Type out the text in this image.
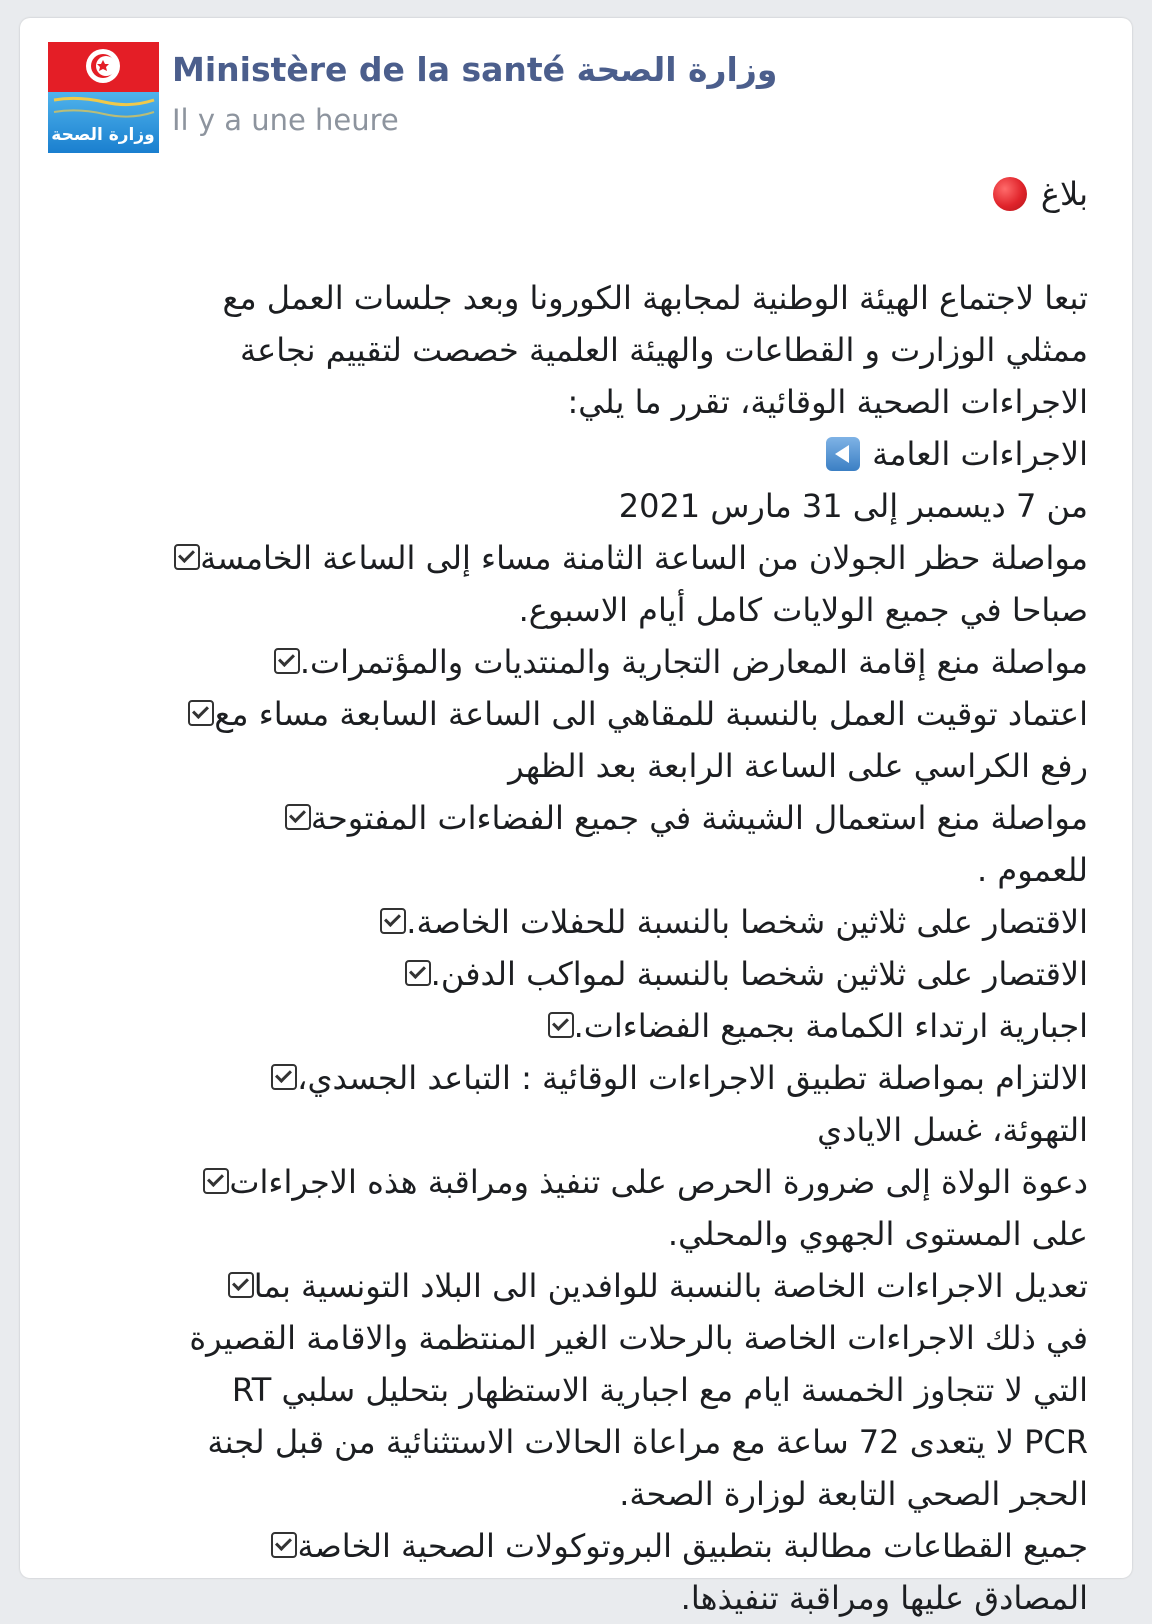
وزارة الصحة
Ministère de la santé وزارة الصحة
Il y a une heure
بلاغ

تبعا لاجتماع الهيئة الوطنية لمجابهة الكورونا وبعد جلسات العمل مع

ممثلي الوزارت و القطاعات والهيئة العلمية خصصت لتقييم نجاعة

الاجراءات الصحية الوقائية، تقرر ما يلي:

الاجراءات العامة

من 7 ديسمبر إلى 31 مارس 2021

مواصلة حظر الجولان من الساعة الثامنة مساء إلى الساعة الخامسة

صباحا في جميع الولايات كامل أيام الاسبوع.

مواصلة منع إقامة المعارض التجارية والمنتديات والمؤتمرات.

اعتماد توقيت العمل بالنسبة للمقاهي الى الساعة السابعة مساء مع

رفع الكراسي على الساعة الرابعة بعد الظهر

مواصلة منع استعمال الشيشة في جميع الفضاءات المفتوحة

للعموم .

الاقتصار على ثلاثين شخصا بالنسبة للحفلات الخاصة.

الاقتصار على ثلاثين شخصا بالنسبة لمواكب الدفن.

اجبارية ارتداء الكمامة بجميع الفضاءات.

الالتزام بمواصلة تطبيق الاجراءات الوقائية : التباعد الجسدي،

التهوئة، غسل الايادي

دعوة الولاة إلى ضرورة الحرص على تنفيذ ومراقبة هذه الاجراءات

على المستوى الجهوي والمحلي.

تعديل الاجراءات الخاصة بالنسبة للوافدين الى البلاد التونسية بما

في ذلك الاجراءات الخاصة بالرحلات الغير المنتظمة والاقامة القصيرة

التي لا تتجاوز الخمسة ايام مع اجبارية الاستظهار بتحليل سلبي RT

PCR لا يتعدى 72 ساعة مع مراعاة الحالات الاستثنائية من قبل لجنة

الحجر الصحي التابعة لوزارة الصحة.

جميع القطاعات مطالبة بتطبيق البروتوكولات الصحية الخاصة

المصادق عليها ومراقبة تنفيذها.
